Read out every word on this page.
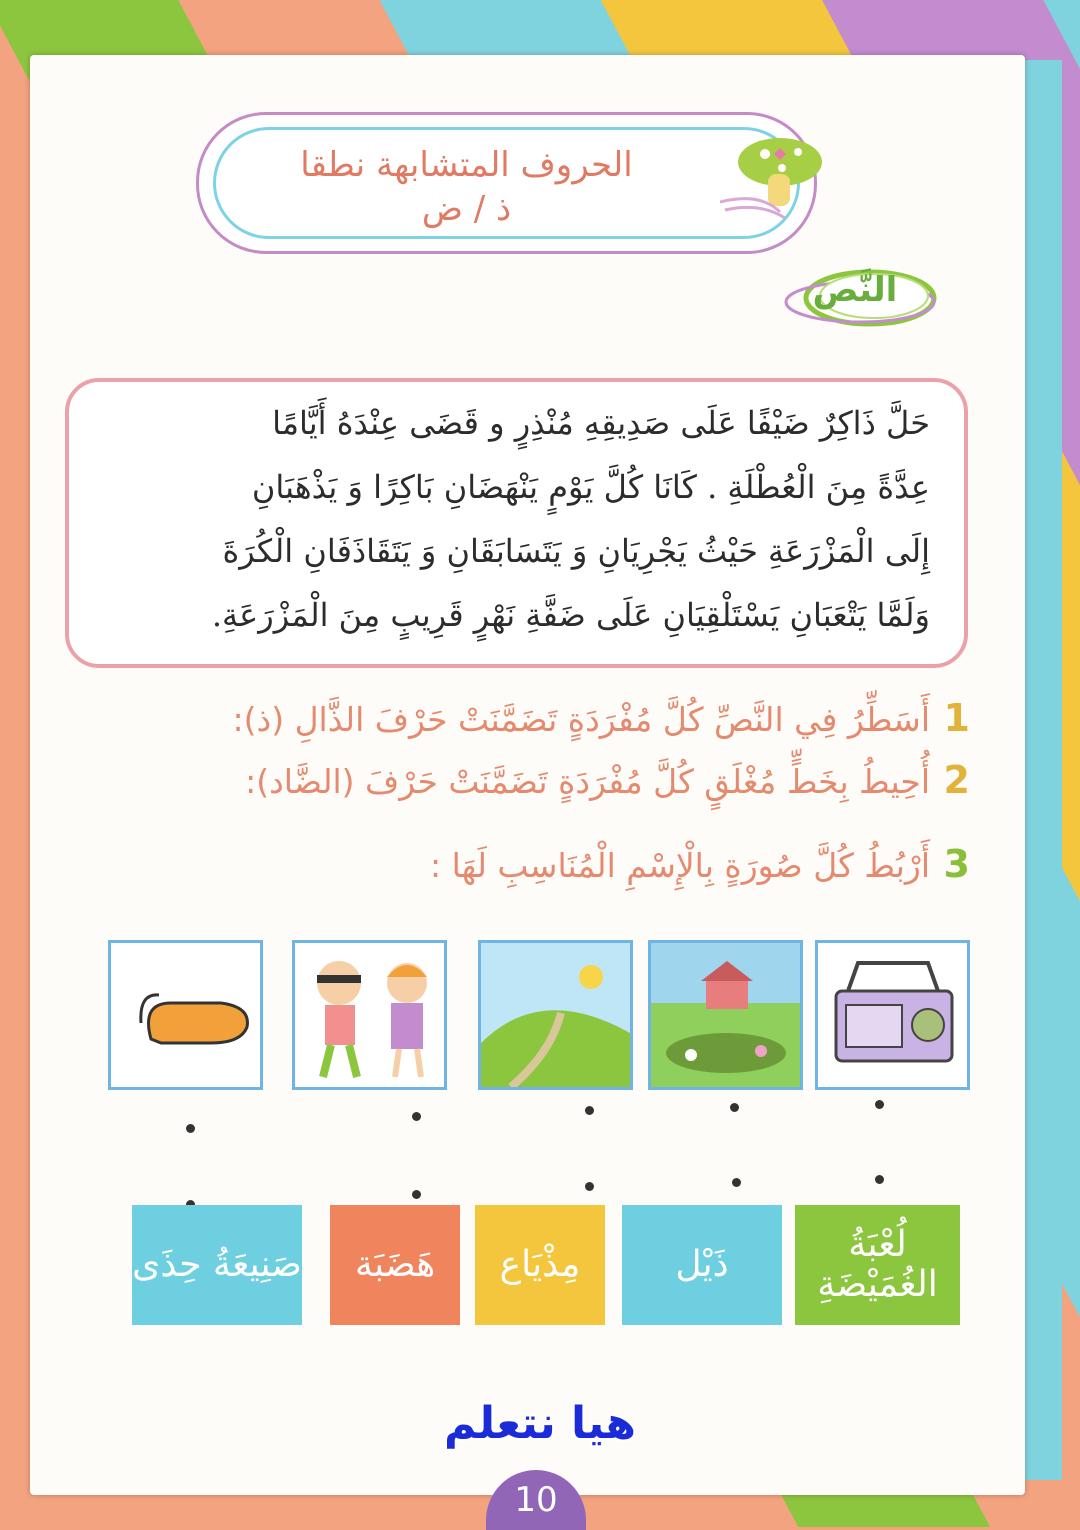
الحروف المتشابهة نطقا
ذ / ض
النَّص
حَلَّ ذَاكِرٌ ضَيْفًا عَلَى صَدِيقِهِ مُنْذِرٍ و قَضَى عِنْدَهُ أَيَّامًا
عِدَّةً مِنَ الْعُطْلَةِ . كَانَا كُلَّ يَوْمٍ يَنْهَضَانِ بَاكِرًا وَ يَذْهَبَانِ
إِلَى الْمَزْرَعَةِ حَيْثُ يَجْرِيَانِ وَ يَتَسَابَقَانِ وَ يَتَقَاذَفَانِ الْكُرَةَ
وَلَمَّا يَتْعَبَانِ يَسْتَلْقِيَانِ عَلَى ضَفَّةِ نَهْرٍ قَرِيبٍ مِنَ الْمَزْرَعَةِ.
1
أَسَطِّرُ فِي النَّصِّ كُلَّ مُفْرَدَةٍ تَضَمَّنَتْ حَرْفَ الذَّالِ (ذ):
2
أُحِيطُ بِخَطٍّ مُغْلَقٍ كُلَّ مُفْرَدَةٍ تَضَمَّنَتْ حَرْفَ (الضَّاد):
3
أَرْبُطُ كُلَّ صُورَةٍ بِالْإِسْمِ الْمُنَاسِبِ لَهَا :
لُعْبَةُ الغُمَيْضَةِ
ذَيْل
مِذْيَاع
هَضَبَة
صَنِيعَةُ حِذَى
هيا نتعلم
10
